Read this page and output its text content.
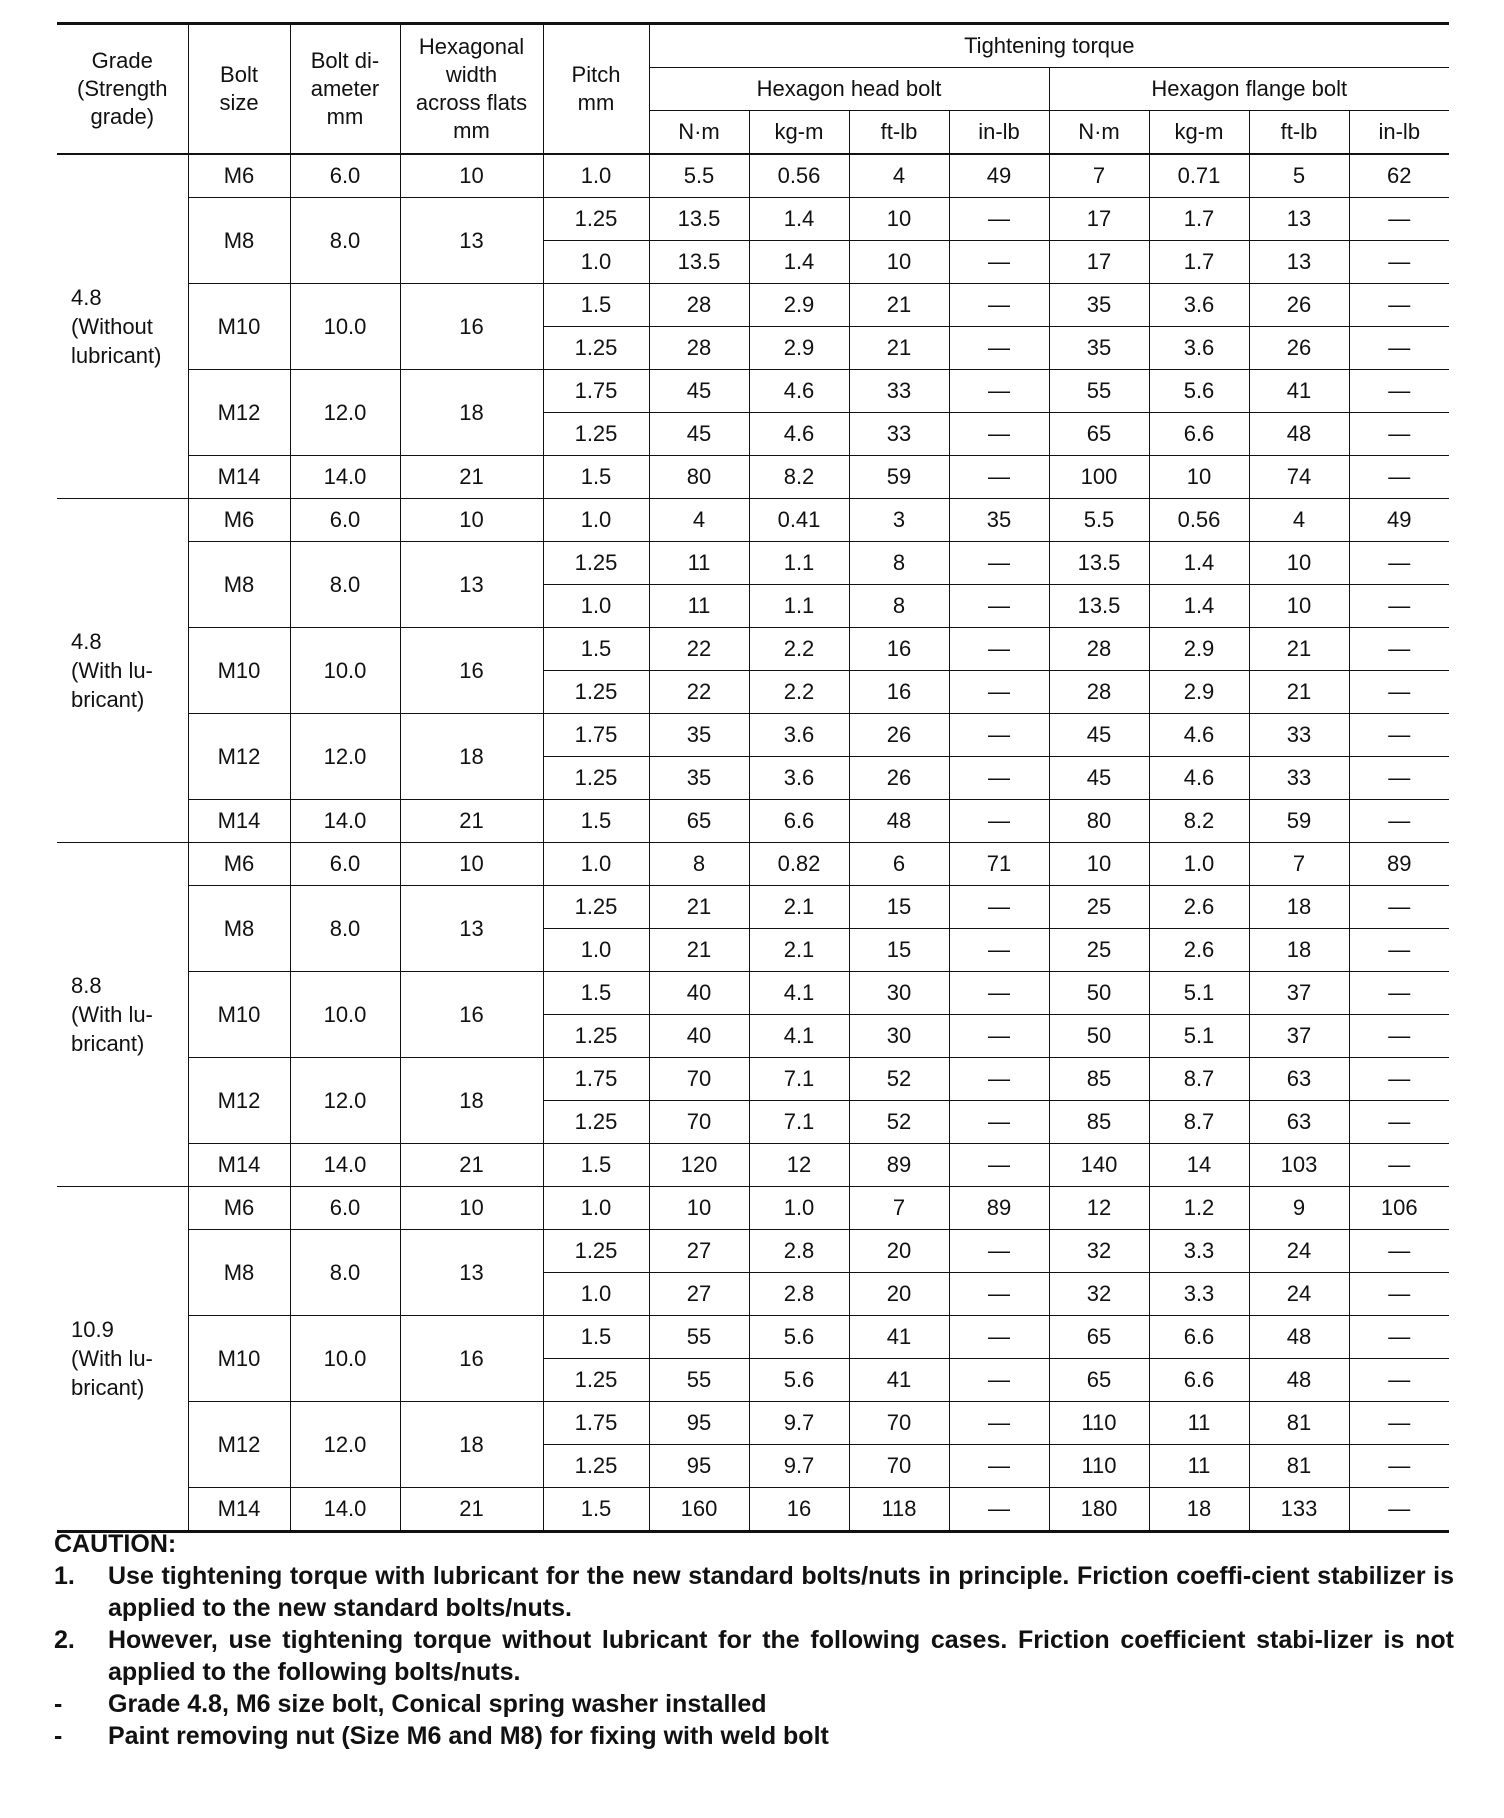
Grade
(Strength
grade)	Bolt
size	Bolt di-
ameter
mm	Hexagonal
width
across flats
mm	Pitch
mm	Tightening torque							
					Hexagon head bolt				Hexagon flange bolt			
					N·m	kg-m	ft-lb	in-lb	N·m	kg-m	ft-lb	in-lb

4.8
(Without
lubricant)	M6	6.0	10	1.0	5.5	0.56	4	49	7	0.71	5	62
	M8	8.0	13	1.25	13.5	1.4	10	—	17	1.7	13	—
				1.0	13.5	1.4	10	—	17	1.7	13	—
	M10	10.0	16	1.5	28	2.9	21	—	35	3.6	26	—
				1.25	28	2.9	21	—	35	3.6	26	—
	M12	12.0	18	1.75	45	4.6	33	—	55	5.6	41	—
				1.25	45	4.6	33	—	65	6.6	48	—
	M14	14.0	21	1.5	80	8.2	59	—	100	10	74	—

4.8
(With lu-
bricant)	M6	6.0	10	1.0	4	0.41	3	35	5.5	0.56	4	49
	M8	8.0	13	1.25	11	1.1	8	—	13.5	1.4	10	—
				1.0	11	1.1	8	—	13.5	1.4	10	—
	M10	10.0	16	1.5	22	2.2	16	—	28	2.9	21	—
				1.25	22	2.2	16	—	28	2.9	21	—
	M12	12.0	18	1.75	35	3.6	26	—	45	4.6	33	—
				1.25	35	3.6	26	—	45	4.6	33	—
	M14	14.0	21	1.5	65	6.6	48	—	80	8.2	59	—

8.8
(With lu-
bricant)	M6	6.0	10	1.0	8	0.82	6	71	10	1.0	7	89
	M8	8.0	13	1.25	21	2.1	15	—	25	2.6	18	—
				1.0	21	2.1	15	—	25	2.6	18	—
	M10	10.0	16	1.5	40	4.1	30	—	50	5.1	37	—
				1.25	40	4.1	30	—	50	5.1	37	—
	M12	12.0	18	1.75	70	7.1	52	—	85	8.7	63	—
				1.25	70	7.1	52	—	85	8.7	63	—
	M14	14.0	21	1.5	120	12	89	—	140	14	103	—

10.9
(With lu-
bricant)	M6	6.0	10	1.0	10	1.0	7	89	12	1.2	9	106
	M8	8.0	13	1.25	27	2.8	20	—	32	3.3	24	—
				1.0	27	2.8	20	—	32	3.3	24	—
	M10	10.0	16	1.5	55	5.6	41	—	65	6.6	48	—
				1.25	55	5.6	41	—	65	6.6	48	—
	M12	12.0	18	1.75	95	9.7	70	—	110	11	81	—
				1.25	95	9.7	70	—	110	11	81	—
	M14	14.0	21	1.5	160	16	118	—	180	18	133	—
CAUTION:
1.	Use tightening torque with lubricant for the new standard bolts/nuts in principle. Friction coeffi-cient stabilizer is applied to the new standard bolts/nuts.
2.	However, use tightening torque without lubricant for the following cases. Friction coefficient stabi-lizer is not applied to the following bolts/nuts.
-	Grade 4.8, M6 size bolt, Conical spring washer installed
-	Paint removing nut (Size M6 and M8) for fixing with weld bolt
